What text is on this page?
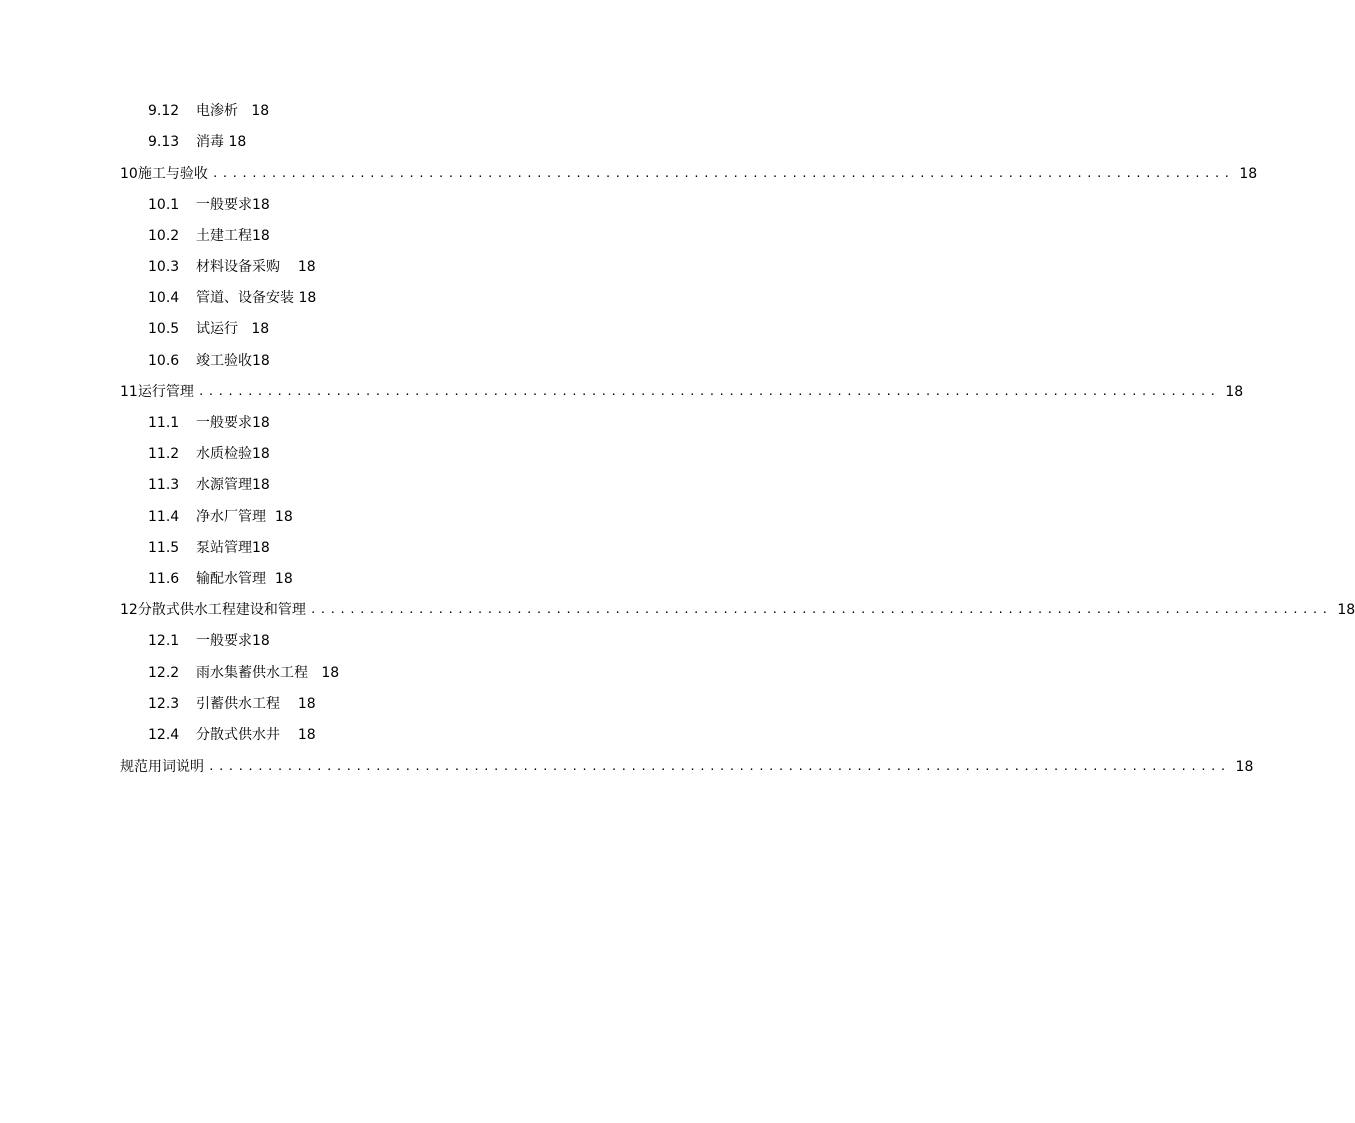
9.12 电渗析 18
9.13 消毒 18
10 施工与验收 ........................................................................................................ 18
10.1 一般要求18
10.2 土建工程18
10.3 材料设备采购 18
10.4 管道、设备安装 18
10.5 试运行 18
10.6 竣工验收18
11 运行管理 ........................................................................................................ 18
11.1 一般要求18
11.2 水质检验18
11.3 水源管理18
11.4 净水厂管理 18
11.5 泵站管理18
11.6 输配水管理 18
12 分散式供水工程建设和管理 ........................................................................................................ 18
12.1 一般要求18
12.2 雨水集蓄供水工程 18
12.3 引蓄供水工程 18
12.4 分散式供水井 18
规范用词说明 ........................................................................................................ 18
